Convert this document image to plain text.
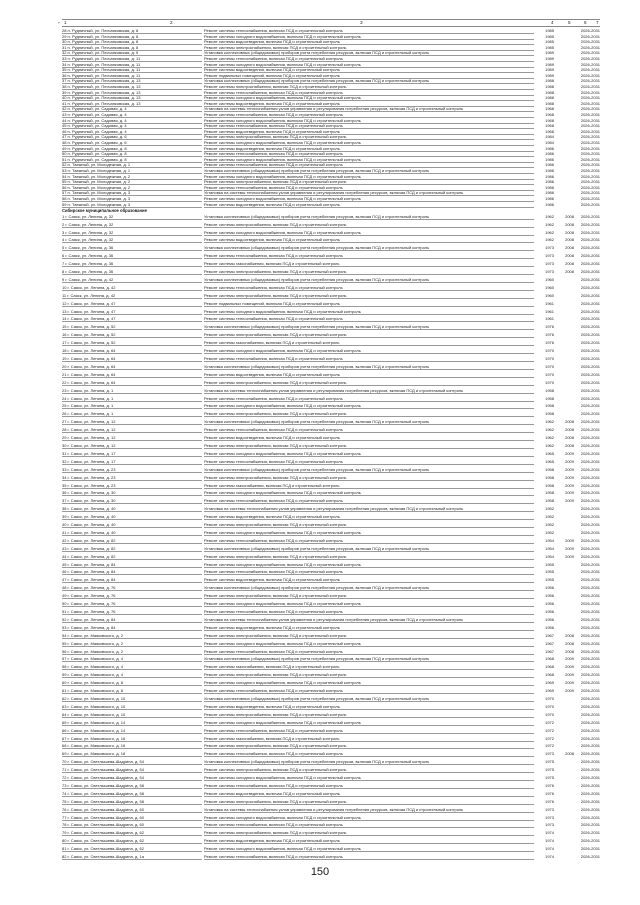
1	2	3	4	5	6 7
⌐
28 п. Рудничный, ул. Песчанковская, д. 8	Ремонт системы теплоснабжения, включая ПСД и строительный контроль	1985	2026-2031
29 п. Рудничный, ул. Песчанковская, д. 8	Ремонт системы холодного водоснабжения, включая ПСД и строительный контроль	1985	2026-2031
30 п. Рудничный, ул. Песчанковская, д. 8	Ремонт системы водоотведения, включая ПСД и строительный контроль	1985	2026-2031
31 п. Рудничный, ул. Песчанковская, д. 8	Ремонт системы электроснабжения, включая ПСД и строительный контроль	1985	2026-2031
32 п. Рудничный, ул. Песчанковская, д. 9	Установка коллективных (общедомовых) приборов учета потребления ресурсов, включая ПСД и строительный контроль	1989	2026-2031
33 п. Рудничный, ул. Песчанковская, д. 11	Ремонт системы теплоснабжения, включая ПСД и строительный контроль	1989	2026-2031
34 п. Рудничный, ул. Песчанковская, д. 11	Ремонт системы холодного водоснабжения, включая ПСД и строительный контроль	1989	2026-2031
35 п. Рудничный, ул. Песчанковская, д. 11	Ремонт системы водоотведения, включая ПСД и строительный контроль	1989	2026-2031
36 п. Рудничный, ул. Песчанковская, д. 11	Ремонт подвальных помещений, включая ПСД и строительный контроль	1989	2026-2031
37 п. Рудничный, ул. Песчанковская, д. 13	Установка коллективных (общедомовых) приборов учета потребления ресурсов, включая ПСД и строительный контроль	1988	2026-2031
38 п. Рудничный, ул. Песчанковская, д. 13	Ремонт системы электроснабжения, включая ПСД и строительный контроль	1988	2026-2031
39 п. Рудничный, ул. Песчанковская, д. 13	Ремонт системы теплоснабжения, включая ПСД и строительный контроль	1988	2026-2031
40 п. Рудничный, ул. Песчанковская, д. 13	Ремонт системы холодного водоснабжения, включая ПСД и строительный контроль	1988	2026-2031
41 п. Рудничный, ул. Песчанковская, д. 13	Ремонт системы водоотведения, включая ПСД и строительный контроль	1988	2026-2031
42 п. Рудничный, ул. Садовая, д. 4	Установка на системы теплоснабжения узлов управления и регулирования потребления ресурсов, включая ПСД и строительный контроль	1968	2026-2031
43 п. Рудничный, ул. Садовая, д. 4	Ремонт системы теплоснабжения, включая ПСД и строительный контроль	1968	2026-2031
44 п. Рудничный, ул. Садовая, д. 4	Ремонт системы холодного водоснабжения, включая ПСД и строительный контроль	1968	2026-2031
45 п. Рудничный, ул. Садовая, д. 4	Ремонт системы теплоснабжения, включая ПСД и строительный контроль	1968	2026-2031
46 п. Рудничный, ул. Садовая, д. 4	Ремонт системы водоотведения, включая ПСД и строительный контроль	1968	2026-2031
47 п. Рудничный, ул. Садовая, д. 6	Ремонт системы электроснабжения, включая ПСД и строительный контроль	1984	2026-2031
48 п. Рудничный, ул. Садовая, д. 6	Ремонт системы холодного водоснабжения, включая ПСД и строительный контроль	1984	2026-2031
49 п. Рудничный, ул. Садовая, д. 8	Ремонт системы водоотведения, включая ПСД и строительный контроль	1986	2026-2031
50 п. Рудничный, ул. Садовая, д. 8	Ремонт системы теплоснабжения, включая ПСД и строительный контроль	1986	2026-2031
51 п. Рудничный, ул. Садовая, д. 8	Ремонт системы холодного водоснабжения, включая ПСД и строительный контроль	1986	2026-2031
52 п. Таежный, ул. Молодежная, д. 1	Ремонт системы теплоснабжения, включая ПСД и строительный контроль	1986	2026-2031
53 п. Таежный, ул. Молодежная, д. 1	Установка коллективных (общедомовых) приборов учета потребления ресурсов, включая ПСД и строительный контроль	1986	2026-2031
54 п. Таежный, ул. Молодежная, д. 2	Ремонт системы холодного водоснабжения, включая ПСД и строительный контроль	1986	2026-2031
55 п. Таежный, ул. Молодежная, д. 2	Ремонт системы электроснабжения, включая ПСД и строительный контроль	1986	2026-2031
56 п. Таежный, ул. Молодежная, д. 2	Ремонт системы теплоснабжения, включая ПСД и строительный контроль	1986	2026-2031
57 п. Таежный, ул. Молодежная, д. 3	Установка на системы теплоснабжения узлов управления и регулирования потребления ресурсов, включая ПСД и строительный контроль	1986	2026-2031
58 п. Таежный, ул. Молодежная, д. 3	Ремонт системы холодного водоснабжения, включая ПСД и строительный контроль	1986	2026-2031
59 п. Таежный, ул. Молодежная, д. 3	Ремонт системы водоотведения, включая ПСД и строительный контроль	1986	2026-2031
Сибирское муниципальное образование
1 г. Саяск, ул. Ленина, д. 32	Установка коллективных (общедомовых) приборов учета потребления ресурсов, включая ПСД и строительный контроль	1962	2008	2026-2031
2 г. Саяск, ул. Ленина, д. 32	Ремонт системы электроснабжения, включая ПСД и строительный контроль	1962	2008	2026-2031
3 г. Саяск, ул. Ленина, д. 32	Ремонт системы холодного водоснабжения, включая ПСД и строительный контроль	1962	2008	2026-2031
4 г. Саяск, ул. Ленина, д. 32	Ремонт системы водоотведения, включая ПСД и строительный контроль	1962	2008	2026-2031
5 г. Саяск, ул. Ленина, д. 36	Установка коллективных (общедомовых) приборов учета потребления ресурсов, включая ПСД и строительный контроль	1973	2008	2026-2031
6 г. Саяск, ул. Ленина, д. 36	Ремонт системы теплоснабжения, включая ПСД и строительный контроль	1973	2008	2026-2031
7 г. Саяск, ул. Ленина, д. 36	Ремонт системы газоснабжения, включая ПСД и строительный контроль	1973	2008	2026-2031
8 г. Саяск, ул. Ленина, д. 36	Ремонт системы электроснабжения, включая ПСД и строительный контроль	1973	2008	2026-2031
9 г. Саяск, ул. Ленина, д. 42	Установка коллективных (общедомовых) приборов учета потребления ресурсов, включая ПСД и строительный контроль	1960	2026-2031
10 г. Саяск, ул. Ленина, д. 42	Ремонт системы теплоснабжения, включая ПСД и строительный контроль	1960	2026-2031
11 г. Саяск, ул. Ленина, д. 42	Ремонт системы электроснабжения, включая ПСД и строительный контроль	1960	2026-2031
12 г. Саяск, ул. Ленина, д. 47	Ремонт подвальных помещений, включая ПСД и строительный контроль	1961	2026-2031
13 г. Саяск, ул. Ленина, д. 47	Ремонт системы холодного водоснабжения, включая ПСД и строительный контроль	1961	2026-2031
14 г. Саяск, ул. Ленина, д. 47	Ремонт системы теплоснабжения, включая ПСД и строительный контроль	1961	2026-2031
15 г. Саяск, ул. Ленина, д. 52	Установка коллективных (общедомовых) приборов учета потребления ресурсов, включая ПСД и строительный контроль	1976	2026-2031
16 г. Саяск, ул. Ленина, д. 52	Ремонт системы электроснабжения, включая ПСД и строительный контроль	1976	2026-2031
17 г. Саяск, ул. Ленина, д. 52	Ремонт системы газоснабжения, включая ПСД и строительный контроль	1976	2026-2031
18 г. Саяск, ул. Ленина, д. 64	Ремонт системы холодного водоснабжения, включая ПСД и строительный контроль	1970	2026-2031
19 г. Саяск, ул. Ленина, д. 64	Ремонт системы теплоснабжения, включая ПСД и строительный контроль	1970	2026-2031
20 г. Саяск, ул. Ленина, д. 64	Установка коллективных (общедомовых) приборов учета потребления ресурсов, включая ПСД и строительный контроль	1970	2026-2031
21 г. Саяск, ул. Ленина, д. 64	Ремонт системы водоотведения, включая ПСД и строительный контроль	1970	2026-2031
22 г. Саяск, ул. Ленина, д. 64	Ремонт системы электроснабжения, включая ПСД и строительный контроль	1970	2026-2031
23 г. Саяск, ул. Ленина, д. 1	Установка на системы теплоснабжения узлов управления и регулирования потребления ресурсов, включая ПСД и строительный контроль	1958	2026-2031
24 г. Саяск, ул. Ленина, д. 1	Ремонт системы теплоснабжения, включая ПСД и строительный контроль	1958	2026-2031
25 г. Саяск, ул. Ленина, д. 1	Ремонт системы холодного водоснабжения, включая ПСД и строительный контроль	1958	2026-2031
26 г. Саяск, ул. Ленина, д. 1	Ремонт системы электроснабжения, включая ПСД и строительный контроль	1958	2026-2031
27 г. Саяск, ул. Ленина, д. 12	Установка коллективных (общедомовых) приборов учета потребления ресурсов, включая ПСД и строительный контроль	1962	2008	2026-2031
28 г. Саяск, ул. Ленина, д. 12	Ремонт системы теплоснабжения, включая ПСД и строительный контроль	1962	2008	2026-2031
29 г. Саяск, ул. Ленина, д. 12	Ремонт системы водоотведения, включая ПСД и строительный контроль	1962	2008	2026-2031
30 г. Саяск, ул. Ленина, д. 12	Ремонт системы электроснабжения, включая ПСД и строительный контроль	1962	2008	2026-2031
31 г. Саяск, ул. Ленина, д. 17	Ремонт системы холодного водоснабжения, включая ПСД и строительный контроль	1965	2009	2026-2031
32 г. Саяск, ул. Ленина, д. 17	Ремонт системы теплоснабжения, включая ПСД и строительный контроль	1965	2009	2026-2031
33 г. Саяск, ул. Ленина, д. 23	Установка коллективных (общедомовых) приборов учета потребления ресурсов, включая ПСД и строительный контроль	1958	2009	2026-2031
34 г. Саяск, ул. Ленина, д. 23	Ремонт системы электроснабжения, включая ПСД и строительный контроль	1958	2009	2026-2031
35 г. Саяск, ул. Ленина, д. 23	Ремонт системы газоснабжения, включая ПСД и строительный контроль	1958	2009	2026-2031
36 г. Саяск, ул. Ленина, д. 30	Ремонт системы холодного водоснабжения, включая ПСД и строительный контроль	1958	2009	2026-2031
37 г. Саяск, ул. Ленина, д. 30	Ремонт системы теплоснабжения, включая ПСД и строительный контроль	1958	2009	2026-2031
38 г. Саяск, ул. Ленина, д. 40	Установка на системы теплоснабжения узлов управления и регулирования потребления ресурсов, включая ПСД и строительный контроль	1952	2026-2031
39 г. Саяск, ул. Ленина, д. 40	Ремонт системы водоотведения, включая ПСД и строительный контроль	1952	2026-2031
40 г. Саяск, ул. Ленина, д. 40	Ремонт системы электроснабжения, включая ПСД и строительный контроль	1952	2026-2031
41 г. Саяск, ул. Ленина, д. 40	Ремонт системы холодного водоснабжения, включая ПСД и строительный контроль	1952	2026-2031
42 г. Саяск, ул. Ленина, д. 82	Ремонт системы теплоснабжения, включая ПСД и строительный контроль	1954	2009	2026-2031
43 г. Саяск, ул. Ленина, д. 82	Установка коллективных (общедомовых) приборов учета потребления ресурсов, включая ПСД и строительный контроль	1954	2009	2026-2031
44 г. Саяск, ул. Ленина, д. 82	Ремонт системы электроснабжения, включая ПСД и строительный контроль	1954	2009	2026-2031
45 г. Саяск, ул. Ленина, д. 84	Ремонт системы холодного водоснабжения, включая ПСД и строительный контроль	1955	2026-2031
46 г. Саяск, ул. Ленина, д. 84	Ремонт системы теплоснабжения, включая ПСД и строительный контроль	1955	2026-2031
47 г. Саяск, ул. Ленина, д. 84	Ремонт системы водоотведения, включая ПСД и строительный контроль	1955	2026-2031
48 г. Саяск, ул. Ленина, д. 76	Установка коллективных (общедомовых) приборов учета потребления ресурсов, включая ПСД и строительный контроль	1956	2026-2031
49 г. Саяск, ул. Ленина, д. 76	Ремонт системы электроснабжения, включая ПСД и строительный контроль	1956	2026-2031
50 г. Саяск, ул. Ленина, д. 76	Ремонт системы холодного водоснабжения, включая ПСД и строительный контроль	1956	2026-2031
51 г. Саяск, ул. Ленина, д. 76	Ремонт системы теплоснабжения, включая ПСД и строительный контроль	1956	2026-2031
52 г. Саяск, ул. Ленина, д. 84	Установка на системы теплоснабжения узлов управления и регулирования потребления ресурсов, включая ПСД и строительный контроль	1956	2026-2031
53 г. Саяск, ул. Ленина, д. 84	Ремонт системы водоотведения, включая ПСД и строительный контроль	1956	2026-2031
54 г. Саяск, ул. Маяковского, д. 2	Ремонт системы электроснабжения, включая ПСД и строительный контроль	1967	2008	2026-2031
55 г. Саяск, ул. Маяковского, д. 2	Ремонт системы холодного водоснабжения, включая ПСД и строительный контроль	1967	2008	2026-2031
56 г. Саяск, ул. Маяковского, д. 2	Ремонт системы теплоснабжения, включая ПСД и строительный контроль	1967	2008	2026-2031
57 г. Саяск, ул. Маяковского, д. 4	Установка коллективных (общедомовых) приборов учета потребления ресурсов, включая ПСД и строительный контроль	1968	2009	2026-2031
58 г. Саяск, ул. Маяковского, д. 4	Ремонт системы газоснабжения, включая ПСД и строительный контроль	1968	2009	2026-2031
59 г. Саяск, ул. Маяковского, д. 4	Ремонт системы электроснабжения, включая ПСД и строительный контроль	1968	2009	2026-2031
60 г. Саяск, ул. Маяковского, д. 8	Ремонт системы холодного водоснабжения, включая ПСД и строительный контроль	1969	2009	2026-2031
61 г. Саяск, ул. Маяковского, д. 8	Ремонт системы теплоснабжения, включая ПСД и строительный контроль	1969	2009	2026-2031
62 г. Саяск, ул. Маяковского, д. 10	Установка коллективных (общедомовых) приборов учета потребления ресурсов, включая ПСД и строительный контроль	1970	2026-2031
63 г. Саяск, ул. Маяковского, д. 10	Ремонт системы водоотведения, включая ПСД и строительный контроль	1970	2026-2031
64 г. Саяск, ул. Маяковского, д. 10	Ремонт системы электроснабжения, включая ПСД и строительный контроль	1970	2026-2031
65 г. Саяск, ул. Маяковского, д. 14	Ремонт системы холодного водоснабжения, включая ПСД и строительный контроль	1972	2026-2031
66 г. Саяск, ул. Маяковского, д. 14	Ремонт системы теплоснабжения, включая ПСД и строительный контроль	1972	2026-2031
67 г. Саяск, ул. Маяковского, д. 16	Ремонт системы газоснабжения, включая ПСД и строительный контроль	1972	2026-2031
68 г. Саяск, ул. Маяковского, д. 16	Ремонт системы электроснабжения, включая ПСД и строительный контроль	1972	2026-2031
69 г. Саяск, ул. Маяковского, д. 18	Ремонт системы теплоснабжения, включая ПСД и строительный контроль	1973	2008	2026-2031
70 г. Саяск, ул. Светлышева-Шадрина, д. 54	Установка коллективных (общедомовых) приборов учета потребления ресурсов, включая ПСД и строительный контроль	1975	2026-2031
71 г. Саяск, ул. Светлышева-Шадрина, д. 54	Ремонт системы электроснабжения, включая ПСД и строительный контроль	1975	2026-2031
72 г. Саяск, ул. Светлышева-Шадрина, д. 54	Ремонт системы холодного водоснабжения, включая ПСД и строительный контроль	1975	2026-2031
73 г. Саяск, ул. Светлышева-Шадрина, д. 58	Ремонт системы теплоснабжения, включая ПСД и строительный контроль	1976	2026-2031
74 г. Саяск, ул. Светлышева-Шадрина, д. 58	Ремонт системы водоотведения, включая ПСД и строительный контроль	1976	2026-2031
75 г. Саяск, ул. Светлышева-Шадрина, д. 58	Ремонт системы электроснабжения, включая ПСД и строительный контроль	1976	2026-2031
76 г. Саяск, ул. Светлышева-Шадрина, д. 60	Установка на системы теплоснабжения узлов управления и регулирования потребления ресурсов, включая ПСД и строительный контроль	1973	2026-2031
77 г. Саяск, ул. Светлышева-Шадрина, д. 60	Ремонт системы холодного водоснабжения, включая ПСД и строительный контроль	1973	2026-2031
78 г. Саяск, ул. Светлышева-Шадрина, д. 60	Ремонт системы теплоснабжения, включая ПСД и строительный контроль	1973	2026-2031
79 г. Саяск, ул. Светлышева-Шадрина, д. 62	Ремонт системы электроснабжения, включая ПСД и строительный контроль	1974	2026-2031
80 г. Саяск, ул. Светлышева-Шадрина, д. 62	Ремонт системы водоотведения, включая ПСД и строительный контроль	1974	2026-2031
81 г. Саяск, ул. Светлышева-Шадрина, д. 62	Ремонт системы холодного водоснабжения, включая ПСД и строительный контроль	1974	2026-2031
82 г. Саяск, ул. Светлышева-Шадрина, д. 1а	Ремонт системы теплоснабжения, включая ПСД и строительный контроль	1974	2026-2031
150
